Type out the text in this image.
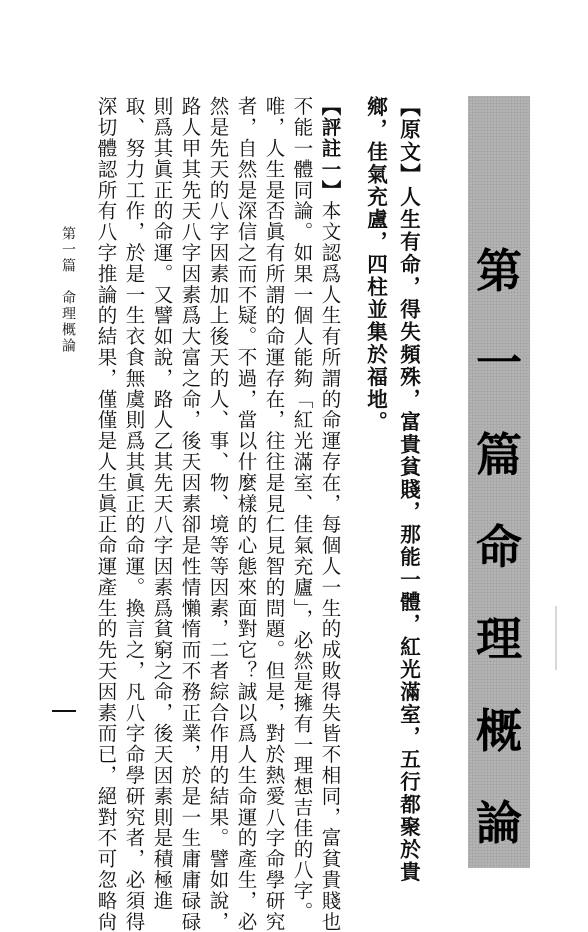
第
一
篇
命
理
概
論
【原文】人生有命，得失頻殊，富貴貧賤，那能一體，紅光滿室，五行都聚於貴
鄉，佳氣充盧，四柱並集於福地。
【評註一】本文認爲人生有所謂的命運存在，每個人一生的成敗得失皆不相同，富貧貴賤也
不能一體同論。如果一個人能夠「紅光滿室、佳氣充廬」，必然是擁有一理想吉佳的八字。
唯，人生是否眞有所謂的命運存在，往往是見仁見智的問題。但是，對於熱愛八字命學研究
者，自然是深信之而不疑。不過，當以什麼樣的心態來面對它？誠以爲人生命運的產生，必
然是先天的八字因素加上後天的人、事、物、境等等因素，二者綜合作用的結果。譬如說，
路人甲其先天八字因素爲大富之命，後天因素卻是性情懶惰而不務正業，於是一生庸庸碌碌
則爲其眞正的命運。又譬如說，路人乙其先天八字因素爲貧窮之命，後天因素則是積極進
取、努力工作，於是一生衣食無虞則爲其眞正的命運。換言之，凡八字命學研究者，必須得
深切體認所有八字推論的結果，僅僅是人生眞正命運產生的先天因素而已，絕對不可忽略尙
第一篇　命理概論
